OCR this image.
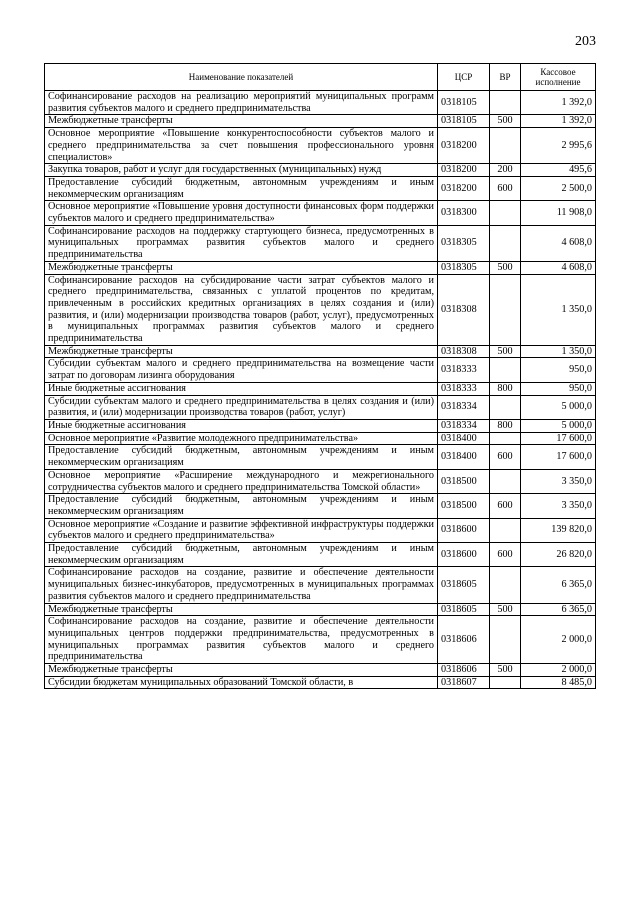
203
Наименование показателей	ЦСР	ВР	Кассовое исполнение
Софинансирование расходов на реализацию мероприятий муниципальных программ развития субъектов малого и среднего предпринимательства	0318105		1 392,0
Межбюджетные трансферты	0318105	500	1 392,0
Основное мероприятие «Повышение конкурентоспособности субъектов малого и среднего предпринимательства за счет повышения профессионального уровня специалистов»	0318200		2 995,6
Закупка товаров, работ и услуг для государственных (муниципальных) нужд	0318200	200	495,6
Предоставление субсидий бюджетным, автономным учреждениям и иным некоммерческим организациям	0318200	600	2 500,0
Основное мероприятие «Повышение уровня доступности финансовых форм поддержки субъектов малого и среднего предпринимательства»	0318300		11 908,0
Софинансирование расходов на поддержку стартующего бизнеса, предусмотренных в муниципальных программах развития субъектов малого и среднего предпринимательства	0318305		4 608,0
Межбюджетные трансферты	0318305	500	4 608,0
Софинансирование расходов на субсидирование части затрат субъектов малого и среднего предпринимательства, связанных с уплатой процентов по кредитам, привлеченным в российских кредитных организациях в целях создания и (или) развития, и (или) модернизации производства товаров (работ, услуг), предусмотренных в муниципальных программах развития субъектов малого и среднего предпринимательства	0318308		1 350,0
Межбюджетные трансферты	0318308	500	1 350,0
Субсидии субъектам малого и среднего предпринимательства на возмещение части затрат по договорам лизинга оборудования	0318333		950,0
Иные бюджетные ассигнования	0318333	800	950,0
Субсидии субъектам малого и среднего предпринимательства в целях создания и (или) развития, и (или) модернизации производства товаров (работ, услуг)	0318334		5 000,0
Иные бюджетные ассигнования	0318334	800	5 000,0
Основное мероприятие «Развитие молодежного предпринимательства»	0318400		17 600,0
Предоставление субсидий бюджетным, автономным учреждениям и иным некоммерческим организациям	0318400	600	17 600,0
Основное мероприятие «Расширение международного и межрегионального сотрудничества субъектов малого и среднего предпринимательства Томской области»	0318500		3 350,0
Предоставление субсидий бюджетным, автономным учреждениям и иным некоммерческим организациям	0318500	600	3 350,0
Основное мероприятие «Создание и развитие эффективной инфраструктуры поддержки субъектов малого и среднего предпринимательства»	0318600		139 820,0
Предоставление субсидий бюджетным, автономным учреждениям и иным некоммерческим организациям	0318600	600	26 820,0
Софинансирование расходов на создание, развитие и обеспечение деятельности муниципальных бизнес-инкубаторов, предусмотренных в муниципальных программах развития субъектов малого и среднего предпринимательства	0318605		6 365,0
Межбюджетные трансферты	0318605	500	6 365,0
Софинансирование расходов на создание, развитие и обеспечение деятельности муниципальных центров поддержки предпринимательства, предусмотренных в муниципальных программах развития субъектов малого и среднего предпринимательства	0318606		2 000,0
Межбюджетные трансферты	0318606	500	2 000,0
Субсидии бюджетам муниципальных образований Томской области, в	0318607		8 485,0
